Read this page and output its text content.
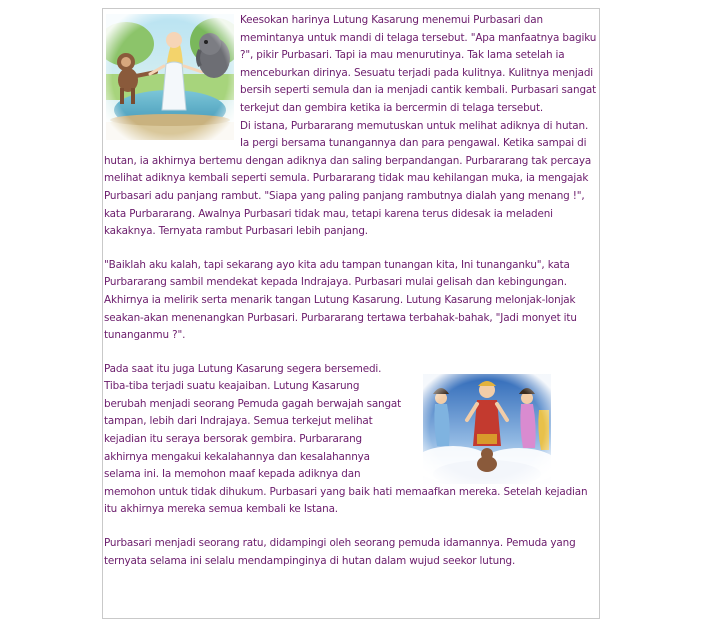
Keesokan harinya Lutung Kasarung menemui Purbasari dan memintanya untuk mandi di telaga tersebut. "Apa manfaatnya bagiku ?", pikir Purbasari. Tapi ia mau menurutinya. Tak lama setelah ia menceburkan dirinya. Sesuatu terjadi pada kulitnya. Kulitnya menjadi bersih seperti semula dan ia menjadi cantik kembali. Purbasari sangat terkejut dan gembira ketika ia bercermin di telaga tersebut.
Di istana, Purbararang memutuskan untuk melihat adiknya di hutan. Ia pergi bersama tunangannya dan para pengawal. Ketika sampai di hutan, ia akhirnya bertemu dengan adiknya dan saling berpandangan. Purbararang tak percaya melihat adiknya kembali seperti semula. Purbararang tidak mau kehilangan muka, ia mengajak Purbasari adu panjang rambut. "Siapa yang paling panjang rambutnya dialah yang menang !", kata Purbararang. Awalnya Purbasari tidak mau, tetapi karena terus didesak ia meladeni kakaknya. Ternyata rambut Purbasari lebih panjang.

"Baiklah aku kalah, tapi sekarang ayo kita adu tampan tunangan kita, Ini tunanganku", kata Purbararang sambil mendekat kepada Indrajaya. Purbasari mulai gelisah dan kebingungan. Akhirnya ia melirik serta menarik tangan Lutung Kasarung. Lutung Kasarung melonjak-lonjak seakan-akan menenangkan Purbasari. Purbararang tertawa terbahak-bahak, "Jadi monyet itu tunanganmu ?".

Pada saat itu juga Lutung Kasarung segera bersemedi. Tiba-tiba terjadi suatu keajaiban. Lutung Kasarung berubah menjadi seorang Pemuda gagah berwajah sangat tampan, lebih dari Indrajaya. Semua terkejut melihat kejadian itu seraya bersorak gembira. Purbararang akhirnya mengakui kekalahannya dan kesalahannya selama ini. Ia memohon maaf kepada adiknya dan
memohon untuk tidak dihukum. Purbasari yang baik hati memaafkan mereka. Setelah kejadian itu akhirnya mereka semua kembali ke Istana.

Purbasari menjadi seorang ratu, didampingi oleh seorang pemuda idamannya. Pemuda yang ternyata selama ini selalu mendampinginya di hutan dalam wujud seekor lutung.
